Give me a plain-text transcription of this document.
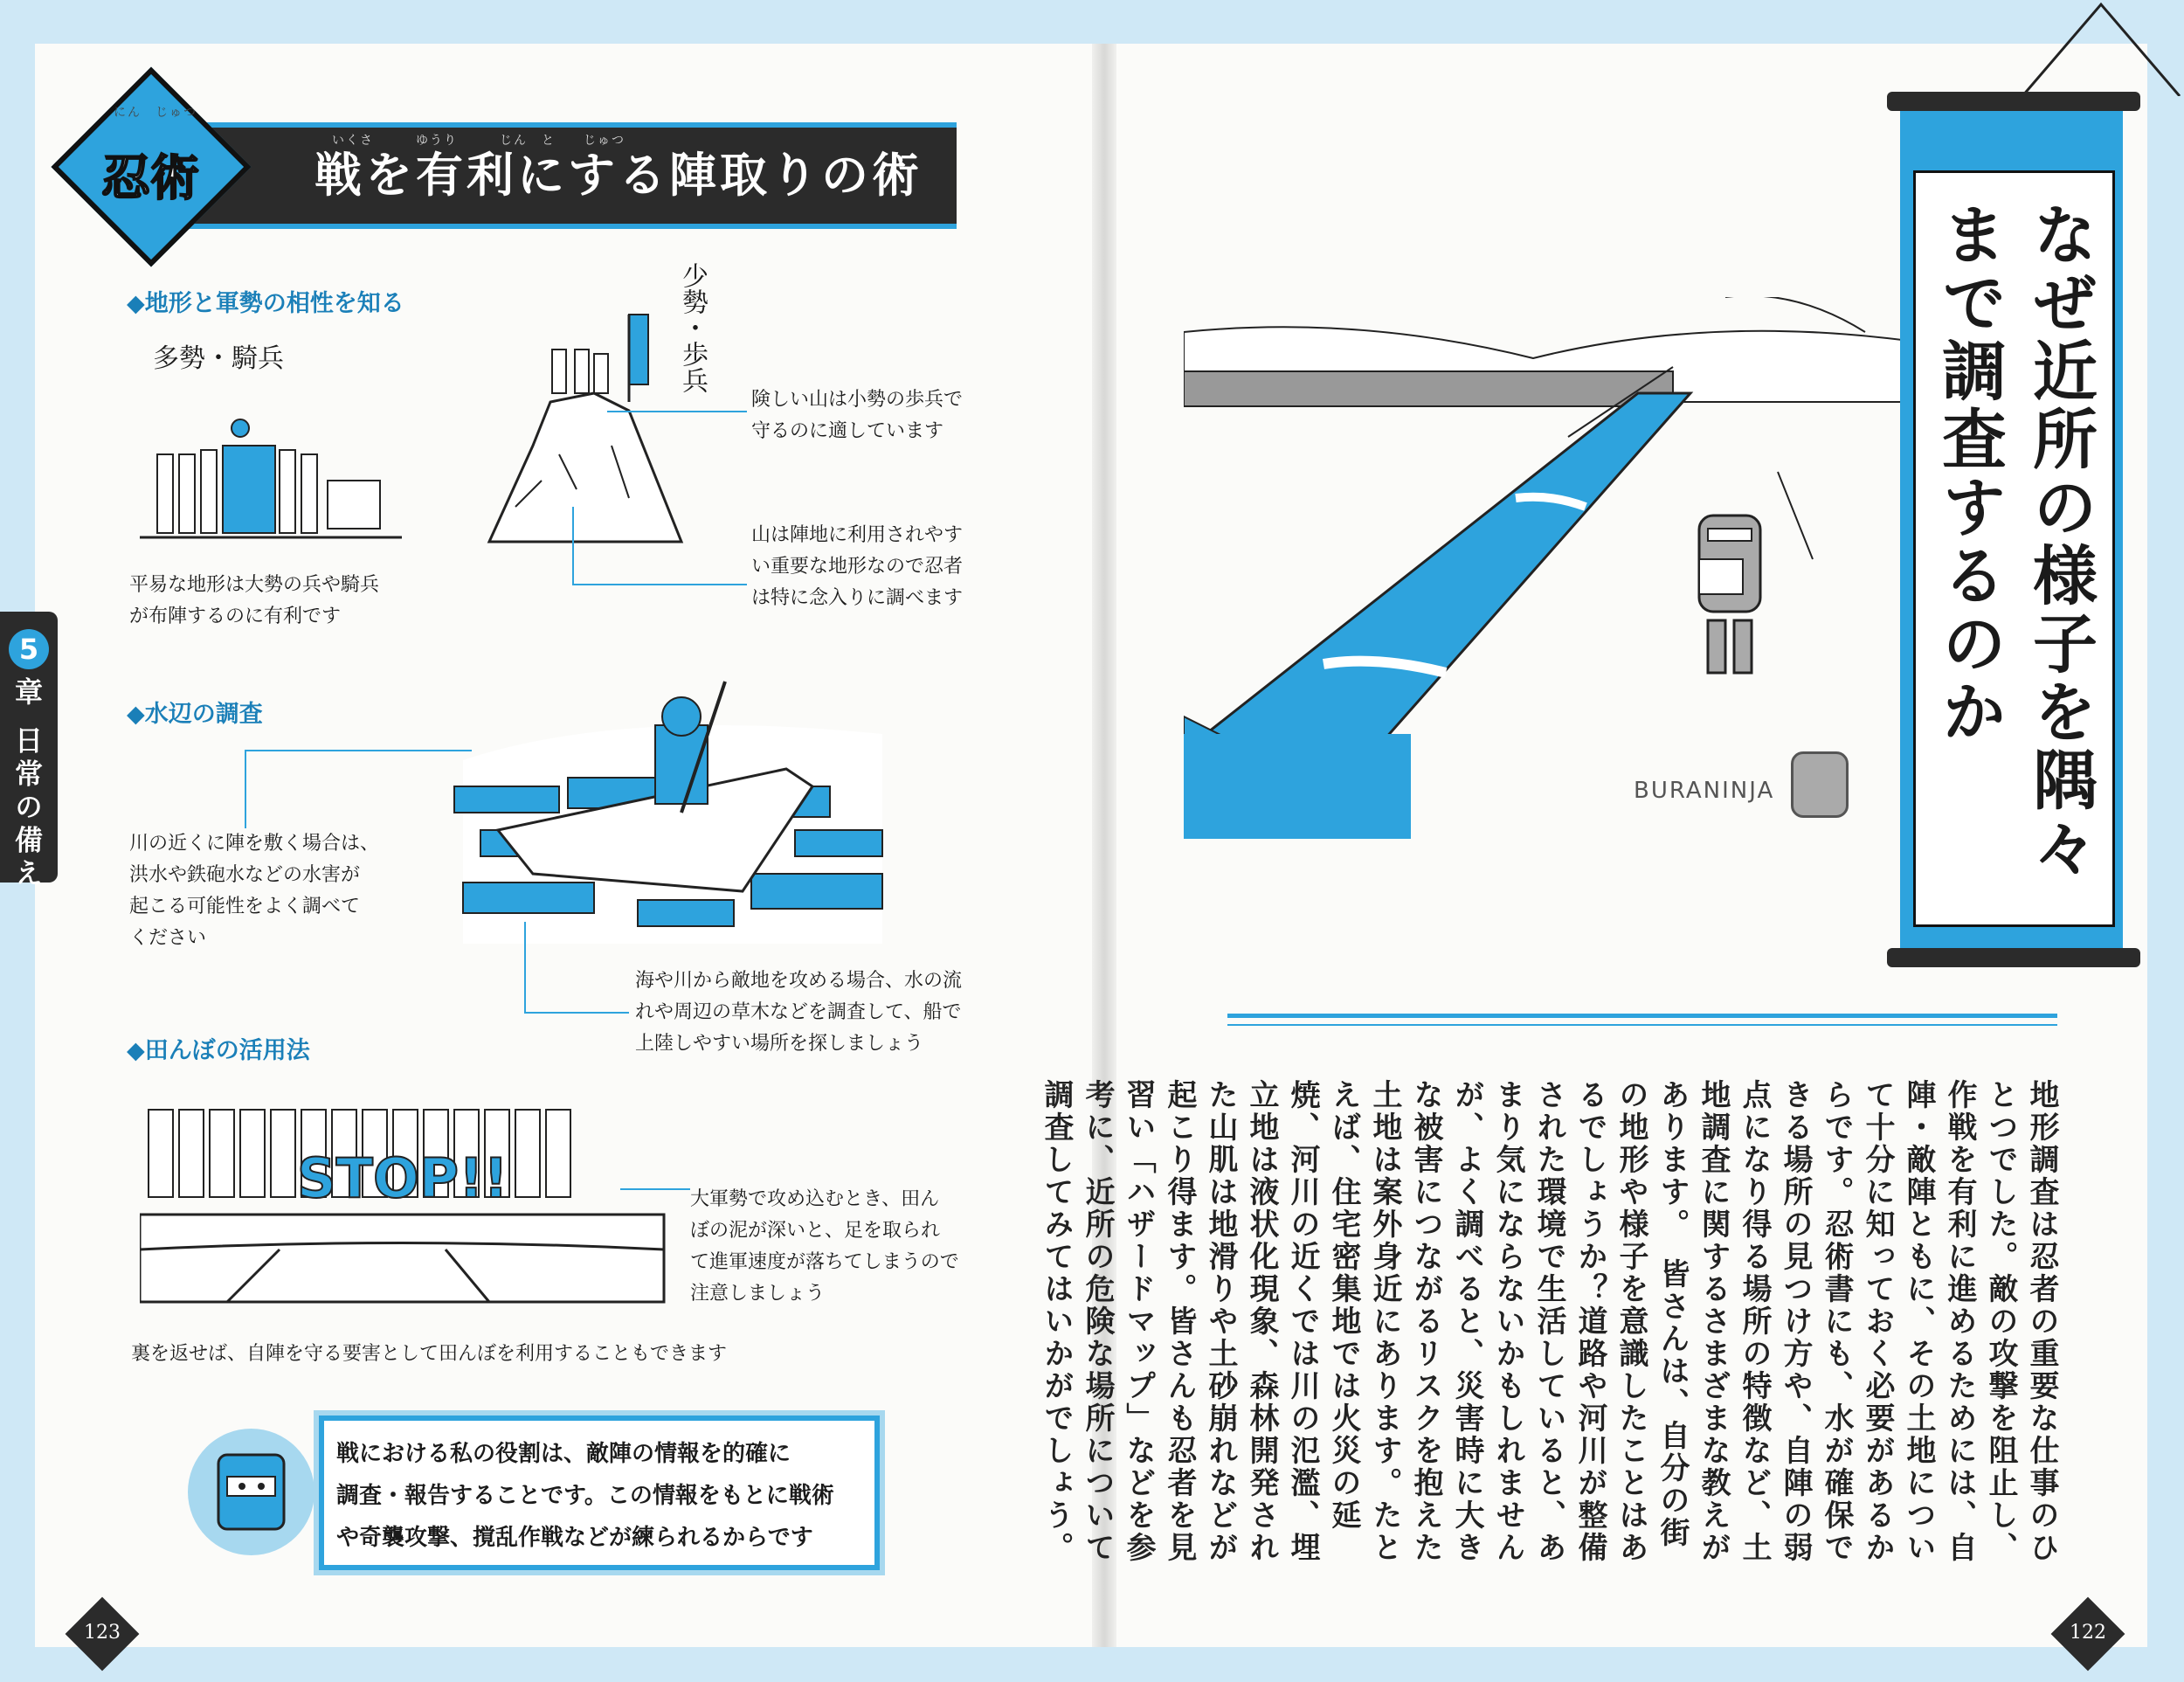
いくさ　　　ゆうり　　　じん　と　　じゅつ
戦を有利にする陣取りの術
にん　じゅつ
忍術
◆地形と軍勢の相性を知る
多勢・騎兵	少勢・歩兵
険しい山は小勢の歩兵で
守るのに適しています
山は陣地に利用されやす
い重要な地形なので忍者
は特に念入りに調べます
平易な地形は大勢の兵や騎兵
が布陣するのに有利です
5
章 日常の備え	◆水辺の調査
川の近くに陣を敷く場合は、
洪水や鉄砲水などの水害が
起こる可能性をよく調べて
ください
海や川から敵地を攻める場合、水の流
れや周辺の草木などを調査して、船で
上陸しやすい場所を探しましょう
◆田んぼの活用法
STOP!!	大軍勢で攻め込むとき、田ん
ぼの泥が深いと、足を取られ
て進軍速度が落ちてしまうので
注意しましょう
裏を返せば、自陣を守る要害として田んぼを利用することもできます
戦における私の役割は、敵陣の情報を的確に
調査・報告することです。この情報をもとに戦術
や奇襲攻撃、撹乱作戦などが練られるからです
123	122
BURANINJA	なぜ近所の様子を隅々まで調査するのか
地形調査は忍者の重要な仕事のひとつでした。敵の攻撃を阻止し、作戦を有利に進めるためには、自陣・敵陣ともに、その土地について十分に知っておく必要があるからです。忍術書にも、水が確保できる場所の見つけ方や、自陣の弱点になり得る場所の特徴など、土地調査に関するさまざまな教えがあります。　皆さんは、自分の街の地形や様子を意識したことはあるでしょうか？道路や河川が整備された環境で生活していると、あまり気にならないかもしれませんが、よく調べると、災害時に大きな被害につながるリスクを抱えた土地は案外身近にあります。たとえば、住宅密集地では火災の延焼、河川の近くでは川の氾濫、埋立地は液状化現象、森林開発された山肌は地滑りや土砂崩れなどが起こり得ます。皆さんも忍者を見習い「ハザードマップ」などを参考に、近所の危険な場所について調査してみてはいかがでしょう。
